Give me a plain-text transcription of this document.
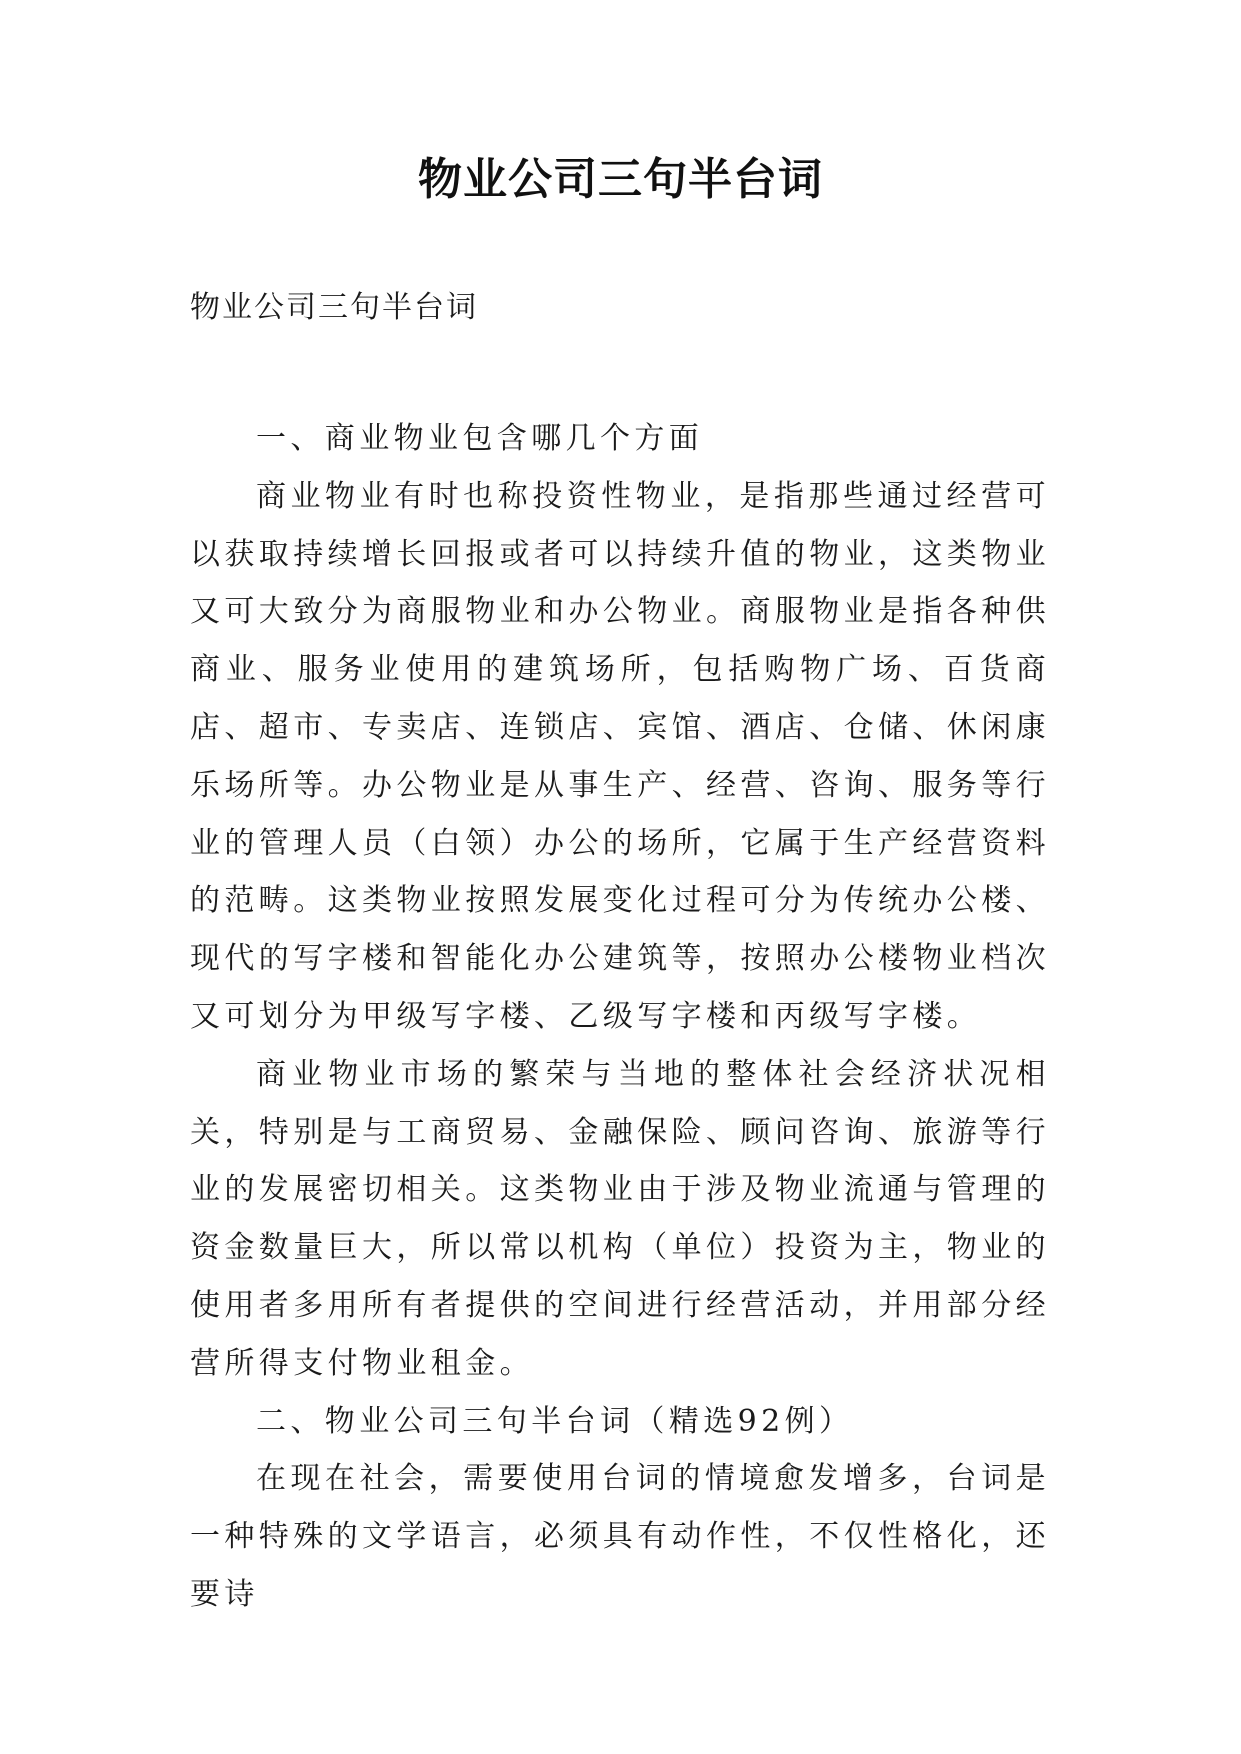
物业公司三句半台词
物业公司三句半台词

一、商业物业包含哪几个方面

商业物业有时也称投资性物业，是指那些通过经营可以获取持续增长回报或者可以持续升值的物业，这类物业又可大致分为商服物业和办公物业。商服物业是指各种供商业、服务业使用的建筑场所，包括购物广场、百货商店、超市、专卖店、连锁店、宾馆、酒店、仓储、休闲康乐场所等。办公物业是从事生产、经营、咨询、服务等行业的管理人员（白领）办公的场所，它属于生产经营资料的范畴。这类物业按照发展变化过程可分为传统办公楼、现代的写字楼和智能化办公建筑等，按照办公楼物业档次又可划分为甲级写字楼、乙级写字楼和丙级写字楼。

商业物业市场的繁荣与当地的整体社会经济状况相关，特别是与工商贸易、金融保险、顾问咨询、旅游等行业的发展密切相关。这类物业由于涉及物业流通与管理的资金数量巨大，所以常以机构（单位）投资为主，物业的使用者多用所有者提供的空间进行经营活动，并用部分经营所得支付物业租金。

二、物业公司三句半台词（精选92例）

在现在社会，需要使用台词的情境愈发增多，台词是一种特殊的文学语言，必须具有动作性，不仅性格化，还要诗
